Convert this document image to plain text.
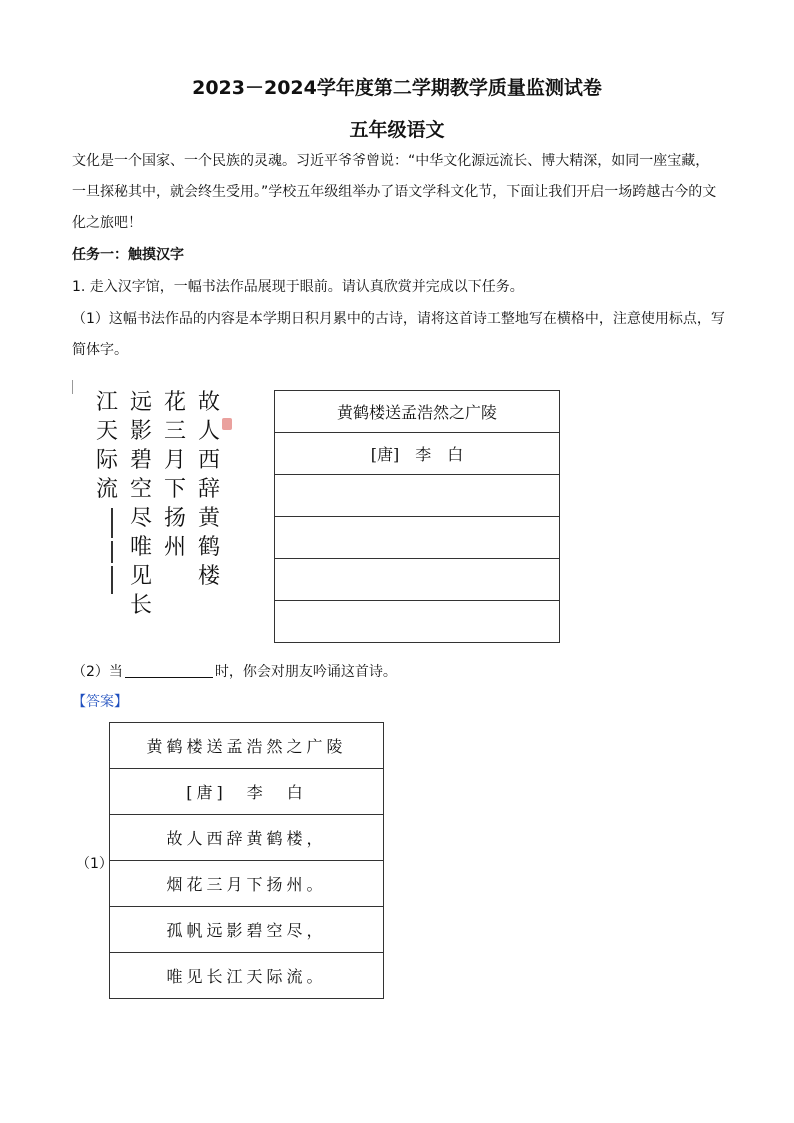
2023－2024学年度第二学期教学质量监测试卷
五年级语文
文化是一个国家、一个民族的灵魂。习近平爷爷曾说：“中华文化源远流长、博大精深，如同一座宝藏，一旦探秘其中，就会终生受用。”学校五年级组举办了语文学科文化节，下面让我们开启一场跨越古今的文化之旅吧！
任务一：触摸汉字
1. 走入汉字馆，一幅书法作品展现于眼前。请认真欣赏并完成以下任务。
（1）这幅书法作品的内容是本学期日积月累中的古诗，请将这首诗工整地写在横格中，注意使用标点，写
简体字。
故
人
西
辞
黄
鹤
楼
花
三
月
下
扬
州
远
影
碧
空
尽
唯
见
长
江
天
际
流
黄鹤楼送孟浩然之广陵
[唐]　李　白

（2）当	时，你会对朋友吟诵这首诗。
【答案】
（1）
黄鹤楼送孟浩然之广陵
[唐]　李　白
故人西辞黄鹤楼，
烟花三月下扬州。
孤帆远影碧空尽，
唯见长江天际流。
